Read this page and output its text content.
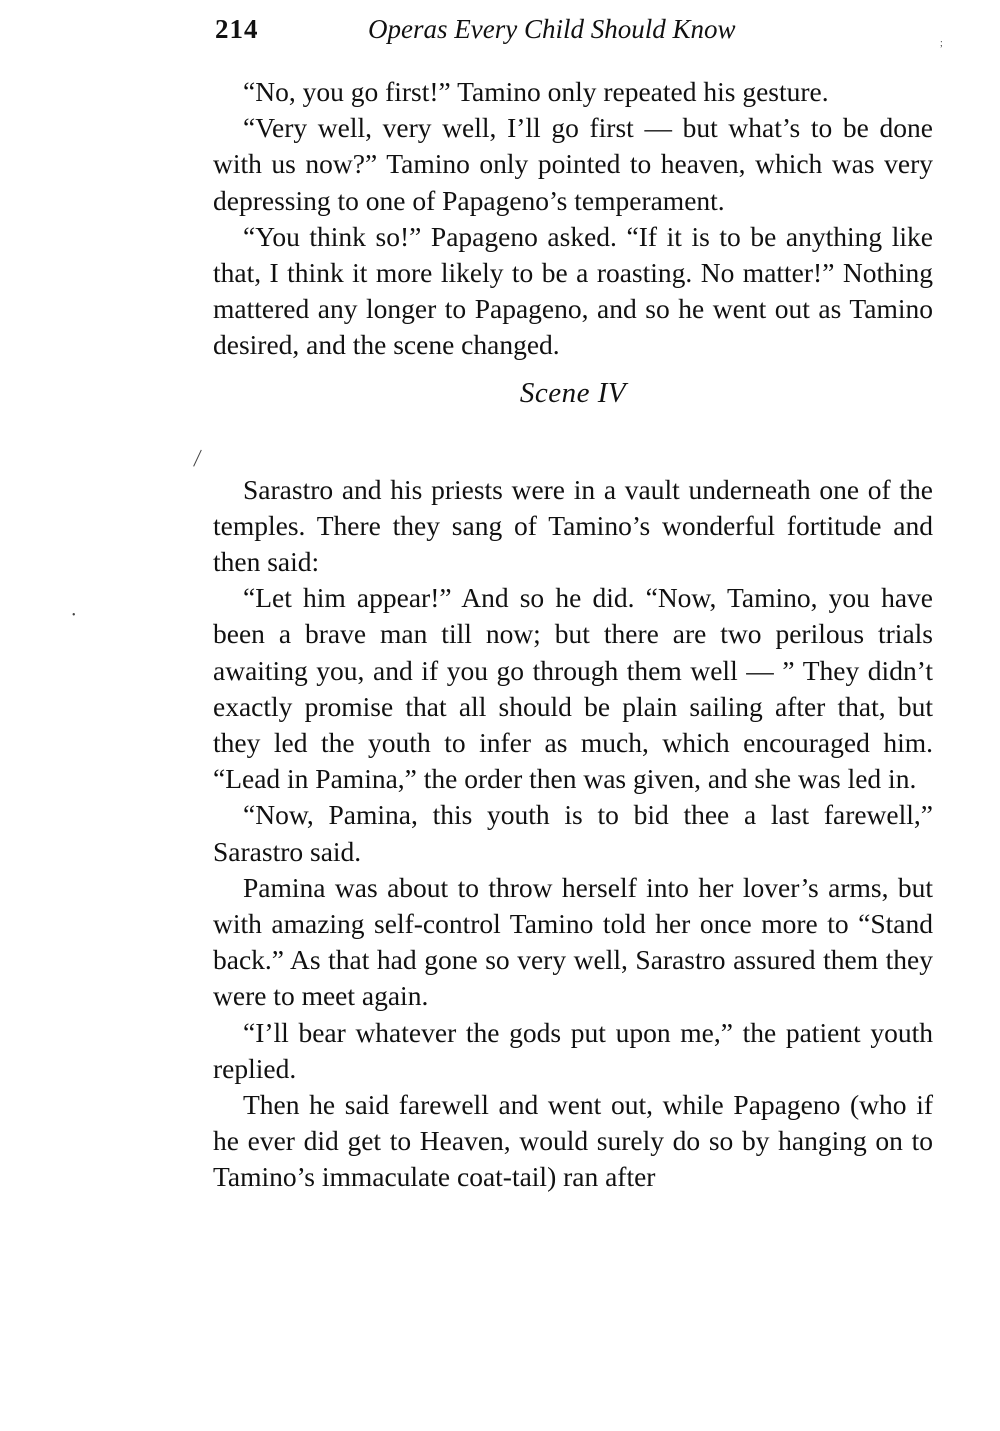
214	Operas Every Child Should Know	;
|
•

“No, you go first!” Tamino only repeated his gesture.

“Very well, very well, I’ll go first — but what’s to be done with us now?” Tamino only pointed to heaven, which was very depressing to one of Papageno’s temperament.

“You think so!” Papageno asked. “If it is to be anything like that, I think it more likely to be a roasting. No matter!” Nothing mattered any longer to Papageno, and so he went out as Tamino desired, and the scene changed.

Scene IV

Sarastro and his priests were in a vault underneath one of the temples. There they sang of Tamino’s wonderful fortitude and then said:

“Let him appear!” And so he did. “Now, Tamino, you have been a brave man till now; but there are two perilous trials awaiting you, and if you go through them well — ” They didn’t exactly promise that all should be plain sailing after that, but they led the youth to infer as much, which encouraged him. “Lead in Pamina,” the order then was given, and she was led in.

“Now, Pamina, this youth is to bid thee a last farewell,” Sarastro said.

Pamina was about to throw herself into her lover’s arms, but with amazing self-control Tamino told her once more to “Stand back.” As that had gone so very well, Sarastro assured them they were to meet again.

“I’ll bear whatever the gods put upon me,” the patient youth replied.

Then he said farewell and went out, while Papageno (who if he ever did get to Heaven, would surely do so by hanging on to Tamino’s immaculate coat-tail) ran after
